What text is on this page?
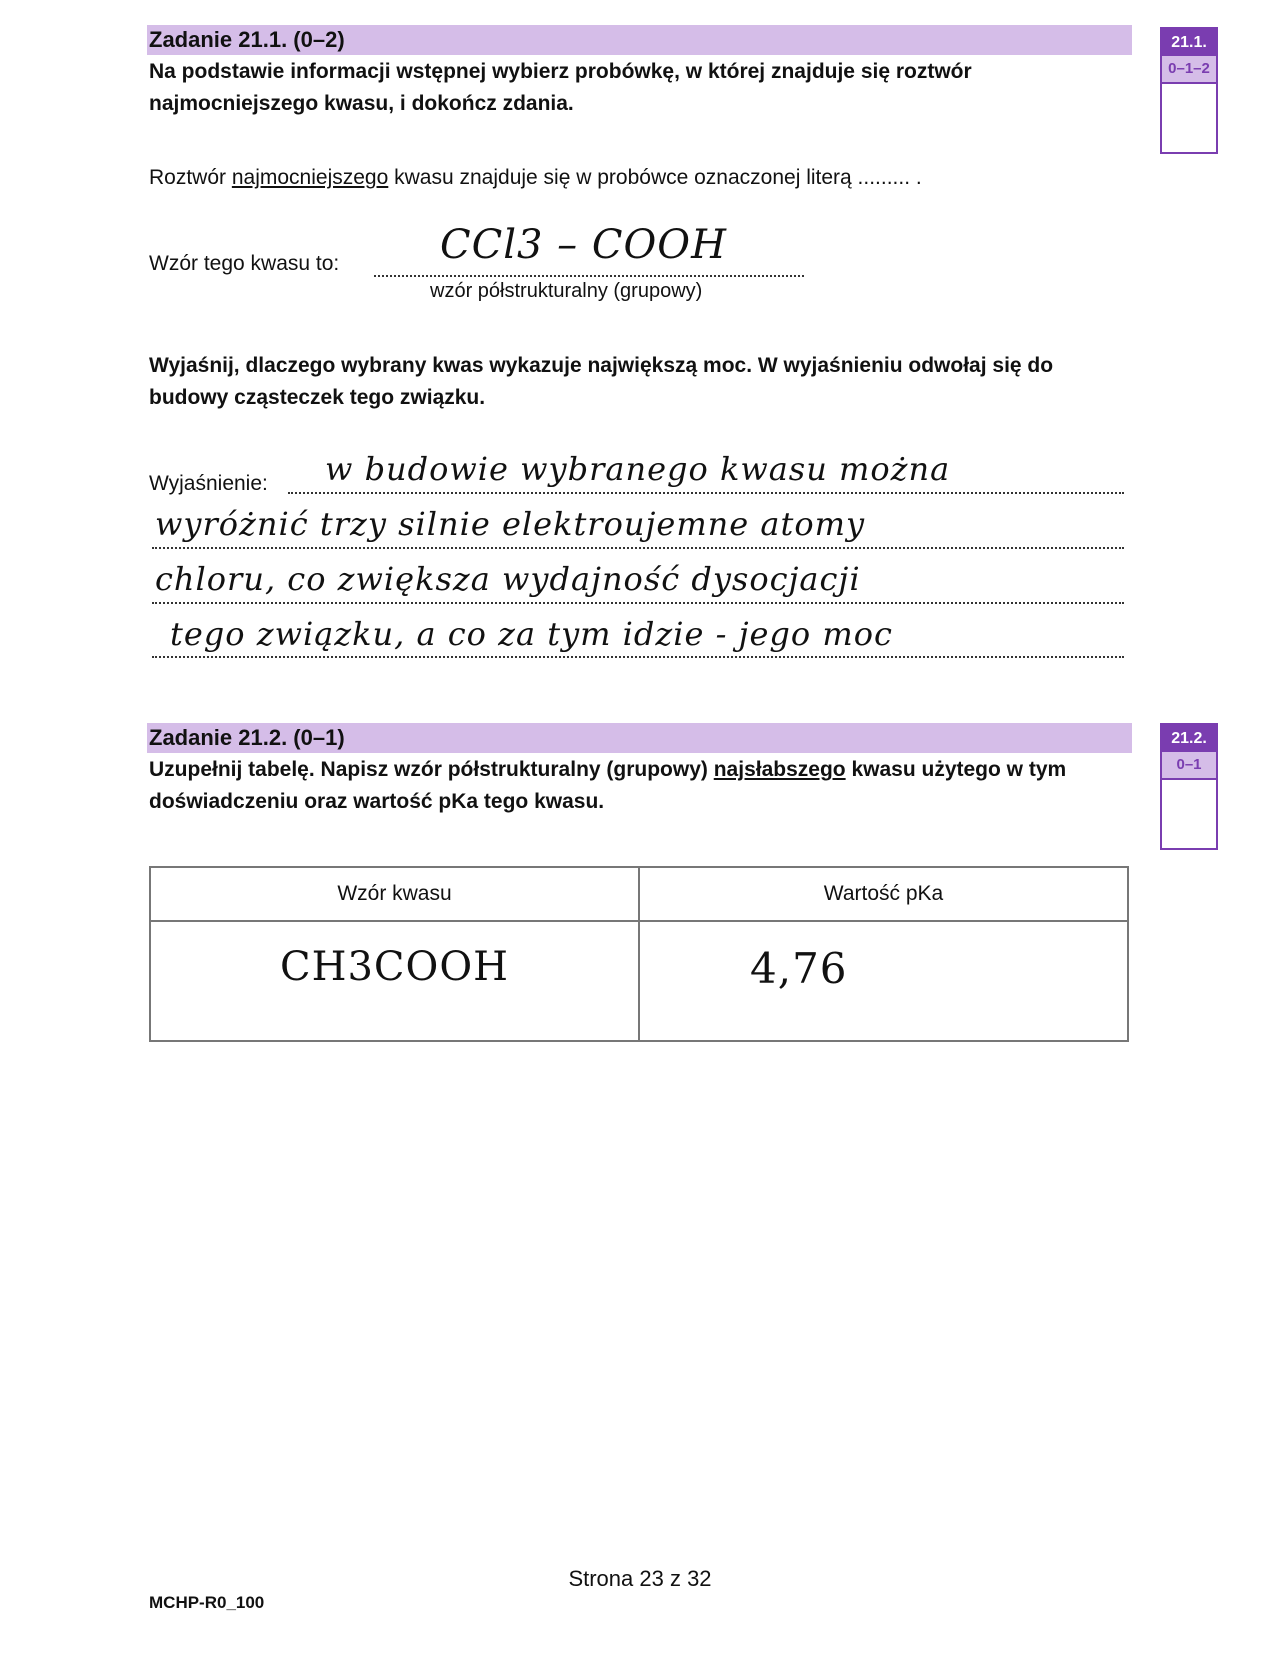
Zadanie 21.1. (0–2)	21.1.
0–1–2
Na podstawie informacji wstępnej wybierz probówkę, w której znajduje się roztwór najmocniejszego kwasu, i dokończ zdania.
Roztwór najmocniejszego kwasu znajduje się w probówce oznaczonej literą ......... .
Wzór tego kwasu to:	CCl3 – COOH
wzór półstrukturalny (grupowy)
Wyjaśnij, dlaczego wybrany kwas wykazuje największą moc. W wyjaśnieniu odwołaj się do budowy cząsteczek tego związku.
Wyjaśnienie: w budowie wybranego kwasu można
wyróżnić trzy silnie elektroujemne atomy
chloru, co zwiększa wydajność dysocjacji
tego związku, a co za tym idzie - jego moc
Zadanie 21.2. (0–1)	21.2.
0–1
Uzupełnij tabelę. Napisz wzór półstrukturalny (grupowy) najsłabszego kwasu użytego w tym doświadczeniu oraz wartość pKa tego kwasu.
Wzór kwasu	Wartość pKa
CH3COOH	4,76
Strona 23 z 32
MCHP-R0_100
